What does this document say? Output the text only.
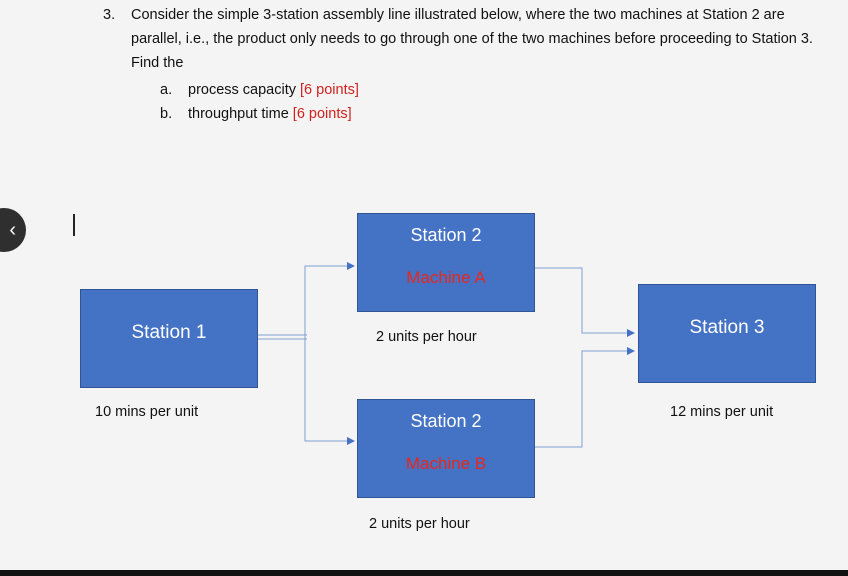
3. Consider the simple 3-station assembly line illustrated below, where the two machines at Station 2 are parallel, i.e., the product only needs to go through one of the two machines before proceeding to Station 3. Find the
a. process capacity [6 points]
b. throughput time [6 points]
‹
Station 1
10 mins per unit
Station 2
Machine A
2 units per hour
Station 2
Machine B
2 units per hour
Station 3
12 mins per unit
